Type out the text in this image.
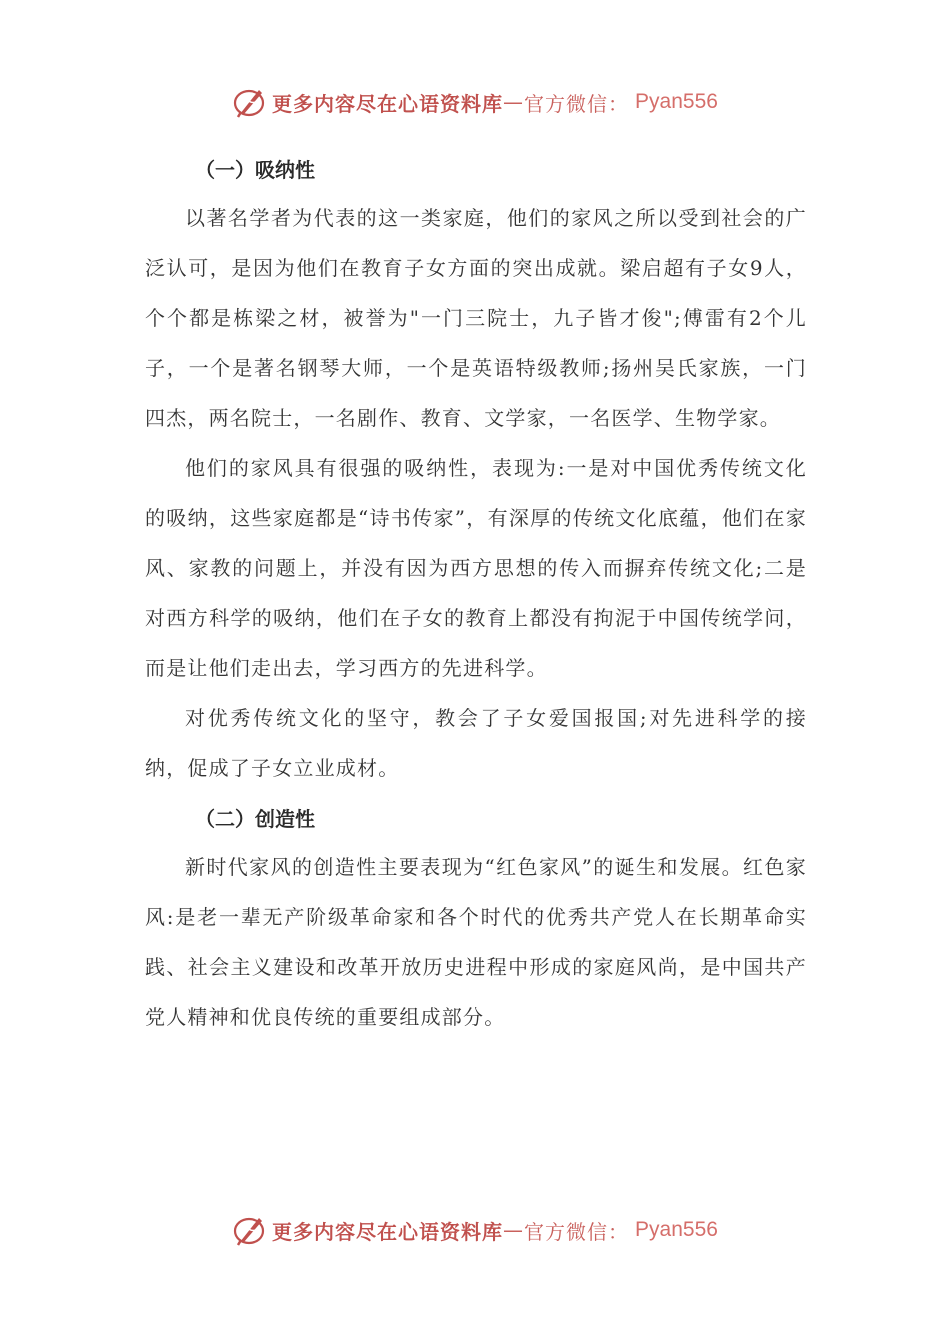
更多内容尽在心语资料库 — 官方微信： Pyan556
（一）吸纳性

以著名学者为代表的这一类家庭，他们的家风之所以受到社会的广泛认可，是因为他们在教育子女方面的突出成就。梁启超有子女9人，个个都是栋梁之材，被誉为"一门三院士，九子皆才俊";傅雷有2个儿子，一个是著名钢琴大师，一个是英语特级教师;扬州吴氏家族，一门四杰，两名院士，一名剧作、教育、文学家，一名医学、生物学家。

他们的家风具有很强的吸纳性，表现为:一是对中国优秀传统文化的吸纳，这些家庭都是“诗书传家”，有深厚的传统文化底蕴，他们在家风、家教的问题上，并没有因为西方思想的传入而摒弃传统文化;二是对西方科学的吸纳，他们在子女的教育上都没有拘泥于中国传统学问，而是让他们走出去，学习西方的先进科学。

对优秀传统文化的坚守，教会了子女爱国报国;对先进科学的接纳，促成了子女立业成材。

（二）创造性

新时代家风的创造性主要表现为“红色家风”的诞生和发展。红色家风:是老一辈无产阶级革命家和各个时代的优秀共产党人在长期革命实践、社会主义建设和改革开放历史进程中形成的家庭风尚，是中国共产党人精神和优良传统的重要组成部分。

更多内容尽在心语资料库 — 官方微信： Pyan556
